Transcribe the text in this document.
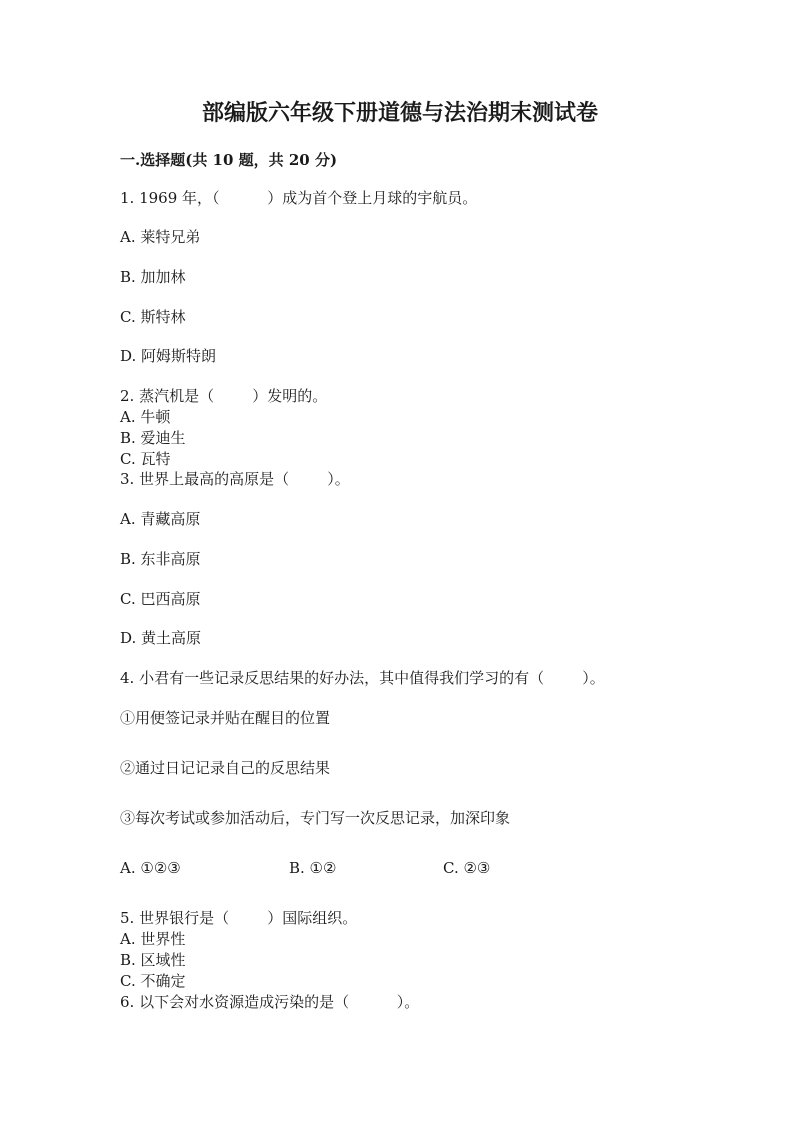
部编版六年级下册道德与法治期末测试卷
一.选择题(共 10 题，共 20 分)
1. 1969 年，（          ）成为首个登上月球的宇航员。
A. 莱特兄弟
B. 加加林
C. 斯特林
D. 阿姆斯特朗
2. 蒸汽机是（        ）发明的。
A. 牛顿
B. 爱迪生
C. 瓦特
3. 世界上最高的高原是（        ）。
A. 青藏高原
B. 东非高原
C. 巴西高原
D. 黄土高原
4. 小君有一些记录反思结果的好办法，其中值得我们学习的有（        ）。
①用便签记录并贴在醒目的位置
②通过日记记录自己的反思结果
③每次考试或参加活动后，专门写一次反思记录，加深印象
A. ①②③	B. ①②	C. ②③
5. 世界银行是（        ）国际组织。
A. 世界性
B. 区域性
C. 不确定
6. 以下会对水资源造成污染的是（          ）。
